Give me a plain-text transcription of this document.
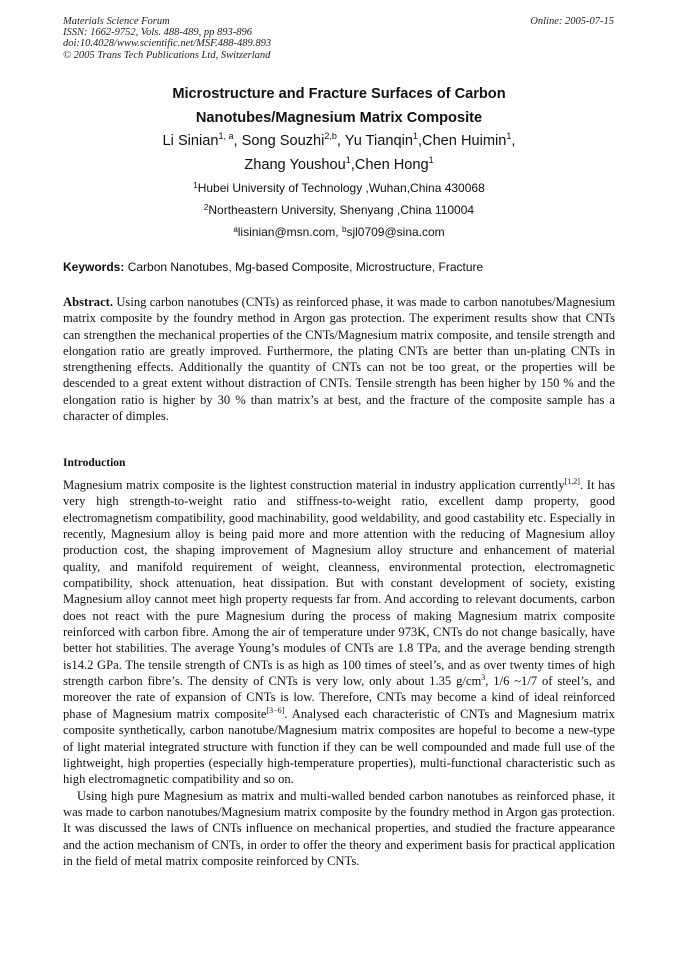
Materials Science Forum
ISSN: 1662-9752, Vols. 488-489, pp 893-896
doi:10.4028/www.scientific.net/MSF.488-489.893
© 2005 Trans Tech Publications Ltd, Switzerland
Online: 2005-07-15
Microstructure and Fracture Surfaces of Carbon
Nanotubes/Magnesium Matrix Composite
Li Sinian$^{1, a}$, Song Souzhi$^{2,b}$, Yu Tianqin$^1$,Chen Huimin$^1$,
Zhang Youshou$^1$,Chen Hong$^1$
$^1$Hubei University of Technology ,Wuhan,China 430068
$^2$Northeastern University, Shenyang ,China 110004
$^a$lisinian@msn.com, $^b$sjl0709@sina.com
Keywords: Carbon Nanotubes, Mg-based Composite, Microstructure, Fracture
Abstract. Using carbon nanotubes (CNTs) as reinforced phase, it was made to carbon nanotubes/Magnesium matrix composite by the foundry method in Argon gas protection. The experiment results show that CNTs can strengthen the mechanical properties of the CNTs/Magnesium matrix composite, and tensile strength and elongation ratio are greatly improved. Furthermore, the plating CNTs are better than un-plating CNTs in strengthening effects. Additionally the quantity of CNTs can not be too great, or the properties will be descended to a great extent without distraction of CNTs. Tensile strength has been higher by 150 % and the elongation ratio is higher by 30 % than matrix’s at best, and the fracture of the composite sample has a character of dimples.
Introduction

Magnesium matrix composite is the lightest construction material in industry application currently[1,2]. It has very high strength-to-weight ratio and stiffness-to-weight ratio, excellent damp property, good electromagnetism compatibility, good machinability, good weldability, and good castability etc. Especially in recently, Magnesium alloy is being paid more and more attention with the reducing of Magnesium alloy production cost, the shaping improvement of Magnesium alloy structure and enhancement of material quality, and manifold requirement of weight, cleanness, environmental protection, electromagnetic compatibility, shock attenuation, heat dissipation. But with constant development of society, existing Magnesium alloy cannot meet high property requests far from. And according to relevant documents, carbon does not react with the pure Magnesium during the process of making Magnesium matrix composite reinforced with carbon fibre. Among the air of temperature under 973K, CNTs do not change basically, have better hot stabilities. The average Young’s modules of CNTs are 1.8 TPa, and the average bending strength is14.2 GPa. The tensile strength of CNTs is as high as 100 times of steel’s, and as over twenty times of high strength carbon fibre’s. The density of CNTs is very low, only about 1.35 $g/cm^3$, 1/6 ~1/7 of steel’s, and moreover the rate of expansion of CNTs is low. Therefore, CNTs may become a kind of ideal reinforced phase of Magnesium matrix composite[3−6]. Analysed each characteristic of CNTs and Magnesium matrix composite synthetically, carbon nanotube/Magnesium matrix composites are hopeful to become a new-type of light material integrated structure with function if they can be well compounded and made full use of the lightweight, high properties (especially high-temperature properties), multi-functional characteristic such as high electromagnetic compatibility and so on.

Using high pure Magnesium as matrix and multi-walled bended carbon nanotubes as reinforced phase, it was made to carbon nanotubes/Magnesium matrix composite by the foundry method in Argon gas protection. It was discussed the laws of CNTs influence on mechanical properties, and studied the fracture appearance and the action mechanism of CNTs, in order to offer the theory and experiment basis for practical application in the field of metal matrix composite reinforced by CNTs.
